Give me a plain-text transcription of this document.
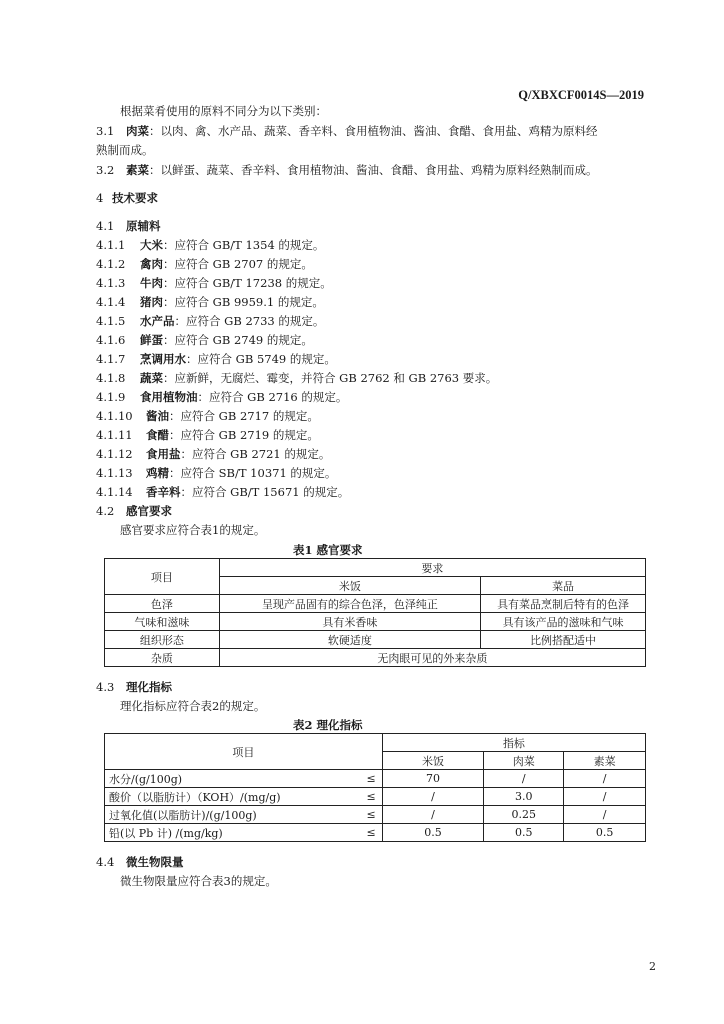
Q/XBXCF0014S—2019
根据菜肴使用的原料不同分为以下类别：
3.1 肉菜：以肉、禽、水产品、蔬菜、香辛料、食用植物油、酱油、食醋、食用盐、鸡精为原料经
熟制而成。
3.2 素菜：以鲜蛋、蔬菜、香辛料、食用植物油、酱油、食醋、食用盐、鸡精为原料经熟制而成。
4 技术要求
4.1 原辅料
4.1.1 大米：应符合 GB/T 1354 的规定。
4.1.2 禽肉：应符合 GB 2707 的规定。
4.1.3 牛肉：应符合 GB/T 17238 的规定。
4.1.4 猪肉：应符合 GB 9959.1 的规定。
4.1.5 水产品：应符合 GB 2733 的规定。
4.1.6 鲜蛋：应符合 GB 2749 的规定。
4.1.7 烹调用水：应符合 GB 5749 的规定。
4.1.8 蔬菜：应新鲜，无腐烂、霉变，并符合 GB 2762 和 GB 2763 要求。
4.1.9 食用植物油：应符合 GB 2716 的规定。
4.1.10 酱油：应符合 GB 2717 的规定。
4.1.11 食醋：应符合 GB 2719 的规定。
4.1.12 食用盐：应符合 GB 2721 的规定。
4.1.13 鸡精：应符合 SB/T 10371 的规定。
4.1.14 香辛料：应符合 GB/T 15671 的规定。
4.2 感官要求
感官要求应符合表1的规定。
表1 感官要求
项目	要求	
	米饭	菜品
色泽	呈现产品固有的综合色泽，色泽纯正	具有菜品烹制后特有的色泽
气味和滋味	具有米香味	具有该产品的滋味和气味
组织形态	软硬适度	比例搭配适中
杂质	无肉眼可见的外来杂质	
4.3 理化指标
理化指标应符合表2的规定。
表2 理化指标
项目		指标		
		米饭	肉菜	素菜
水分/(g/100g)	≤	70	/	/
酸价（以脂肪计）（KOH）/(mg/g)	≤	/	3.0	/
过氧化值(以脂肪计)/(g/100g)	≤	/	0.25	/
铅(以 Pb 计) /(mg/kg)	≤	0.5	0.5	0.5
4.4 微生物限量
微生物限量应符合表3的规定。
2
